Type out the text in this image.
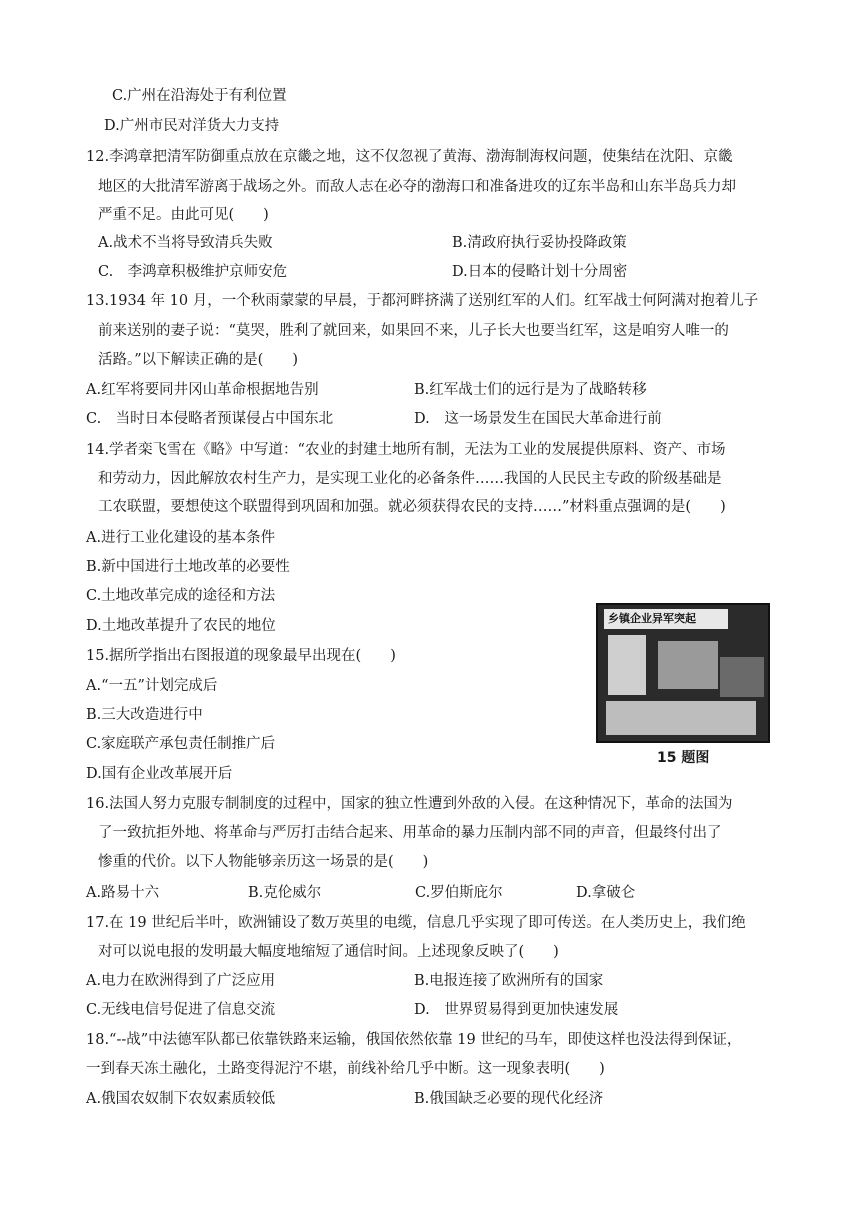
C.广州在沿海处于有利位置
D.广州市民对洋货大力支持
12.李鸿章把清军防御重点放在京畿之地，这不仅忽视了黄海、渤海制海权问题，使集结在沈阳、京畿
地区的大批清军游离于战场之外。而敌人志在必夺的渤海口和准备进攻的辽东半岛和山东半岛兵力却
严重不足。由此可见(　　)
A.战术不当将导致清兵失败	B.清政府执行妥协投降政策
C.　李鸿章积极维护京师安危	D.日本的侵略计划十分周密
13.1934 年 10 月，一个秋雨蒙蒙的早晨，于都河畔挤满了送别红军的人们。红军战士何阿满对抱着儿子
前来送别的妻子说：“莫哭，胜利了就回来，如果回不来，儿子长大也要当红军，这是咱穷人唯一的
活路。”以下解读正确的是(　　)
A.红军将要同井冈山革命根据地告别	B.红军战士们的远行是为了战略转移
C.　当时日本侵略者预谋侵占中国东北	D.　这一场景发生在国民大革命进行前
14.学者栾飞雪在《略》中写道：“农业的封建土地所有制，无法为工业的发展提供原料、资产、市场
和劳动力，因此解放农村生产力，是实现工业化的必备条件……我国的人民民主专政的阶级基础是
工农联盟，要想使这个联盟得到巩固和加强。就必须获得农民的支持……”材料重点强调的是(　　)
A.进行工业化建设的基本条件
B.新中国进行土地改革的必要性
C.土地改革完成的途径和方法
D.土地改革提升了农民的地位
15.据所学指出右图报道的现象最早出现在(　　)
A.“一五”计划完成后
B.三大改造进行中
C.家庭联产承包责任制推广后
D.国有企业改革展开后
乡镇企业异军突起
15 题图
16.法国人努力克服专制制度的过程中，国家的独立性遭到外敌的入侵。在这种情况下，革命的法国为
了一致抗拒外地、将革命与严厉打击结合起来、用革命的暴力压制内部不同的声音，但最终付出了
惨重的代价。以下人物能够亲历这一场景的是(　　)
A.路易十六	B.克伦威尔	C.罗伯斯庇尔	D.拿破仑
17.在 19 世纪后半叶，欧洲铺设了数万英里的电缆，信息几乎实现了即可传送。在人类历史上，我们绝
对可以说电报的发明最大幅度地缩短了通信时间。上述现象反映了(　　)
A.电力在欧洲得到了广泛应用	B.电报连接了欧洲所有的国家
C.无线电信号促进了信息交流	D.　世界贸易得到更加快速发展
18.“--战”中法德军队都已依靠铁路来运输，俄国依然依靠 19 世纪的马车，即使这样也没法得到保证，
一到春天冻土融化，土路变得泥泞不堪，前线补给几乎中断。这一现象表明(　　)
A.俄国农奴制下农奴素质较低	B.俄国缺乏必要的现代化经济
